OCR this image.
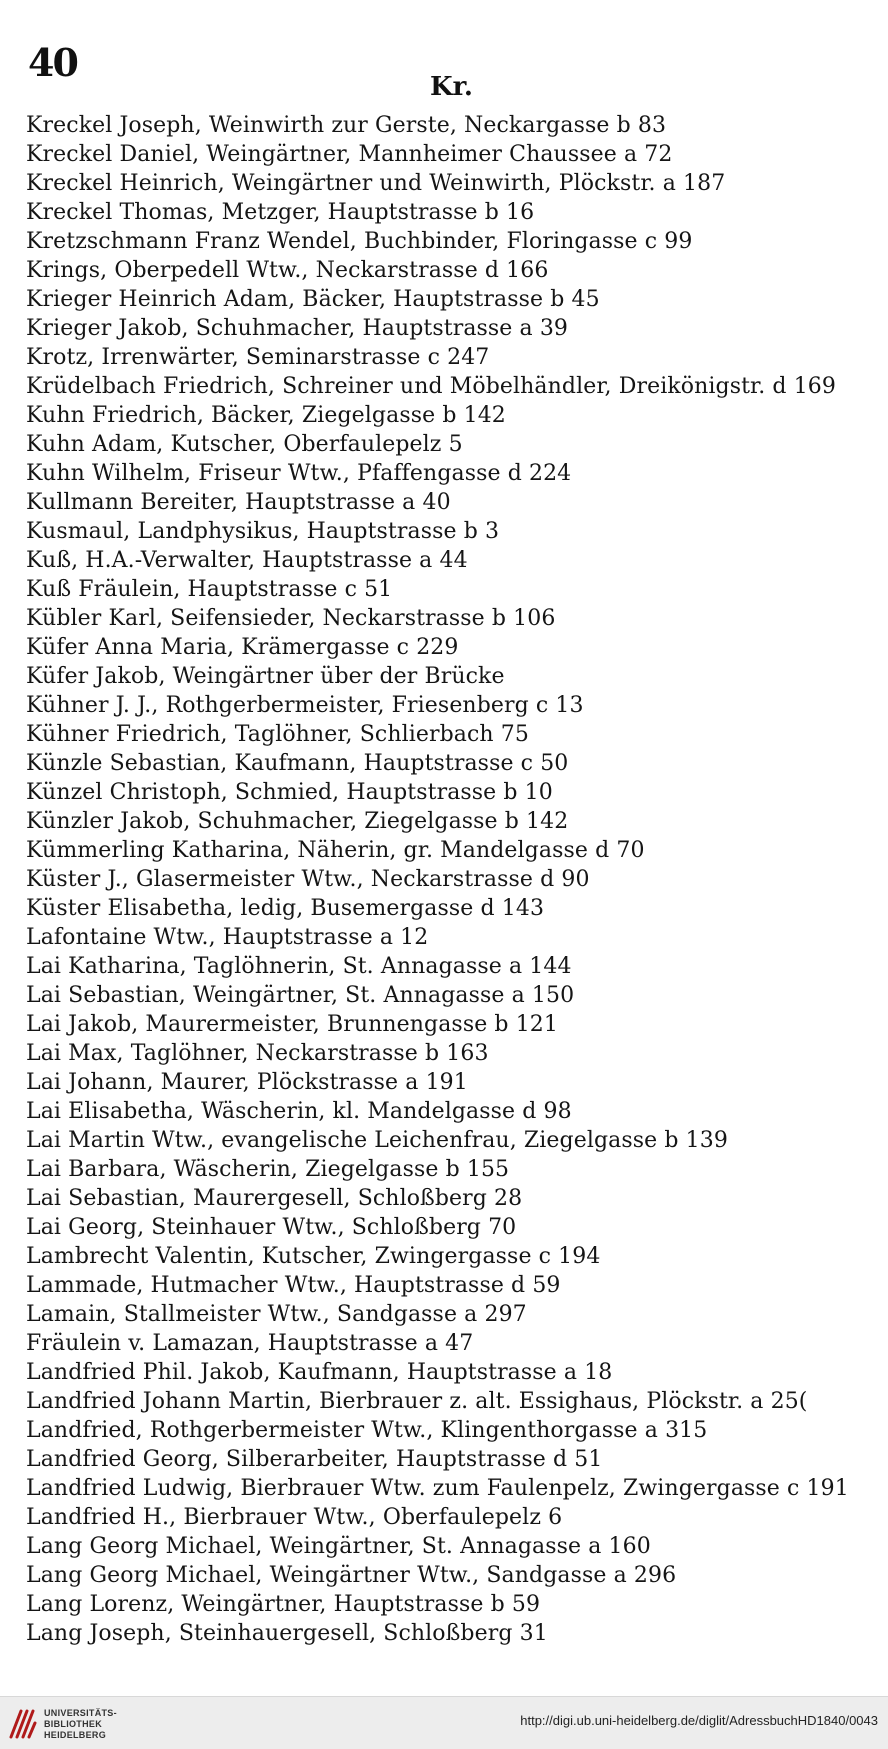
40
Kr.
Kreckel Joseph, Weinwirth zur Gerste, Neckargasse b 83
Kreckel Daniel, Weingärtner, Mannheimer Chaussee a 72
Kreckel Heinrich, Weingärtner und Weinwirth, Plöckstr. a 187
Kreckel Thomas, Metzger, Hauptstrasse b 16
Kretzschmann Franz Wendel, Buchbinder, Floringasse c 99
Krings, Oberpedell Wtw., Neckarstrasse d 166
Krieger Heinrich Adam, Bäcker, Hauptstrasse b 45
Krieger Jakob, Schuhmacher, Hauptstrasse a 39
Krotz, Irrenwärter, Seminarstrasse c 247
Krüdelbach Friedrich, Schreiner und Möbelhändler, Dreikönigstr. d 169
Kuhn Friedrich, Bäcker, Ziegelgasse b 142
Kuhn Adam, Kutscher, Oberfaulepelz 5
Kuhn Wilhelm, Friseur Wtw., Pfaffengasse d 224
Kullmann Bereiter, Hauptstrasse a 40
Kusmaul, Landphysikus, Hauptstrasse b 3
Kuß, H.A.-Verwalter, Hauptstrasse a 44
Kuß Fräulein, Hauptstrasse c 51
Kübler Karl, Seifensieder, Neckarstrasse b 106
Küfer Anna Maria, Krämergasse c 229
Küfer Jakob, Weingärtner über der Brücke
Kühner J. J., Rothgerbermeister, Friesenberg c 13
Kühner Friedrich, Taglöhner, Schlierbach 75
Künzle Sebastian, Kaufmann, Hauptstrasse c 50
Künzel Christoph, Schmied, Hauptstrasse b 10
Künzler Jakob, Schuhmacher, Ziegelgasse b 142
Kümmerling Katharina, Näherin, gr. Mandelgasse d 70
Küster J., Glasermeister Wtw., Neckarstrasse d 90
Küster Elisabetha, ledig, Busemergasse d 143
Lafontaine Wtw., Hauptstrasse a 12
Lai Katharina, Taglöhnerin, St. Annagasse a 144
Lai Sebastian, Weingärtner, St. Annagasse a 150
Lai Jakob, Maurermeister, Brunnengasse b 121
Lai Max, Taglöhner, Neckarstrasse b 163
Lai Johann, Maurer, Plöckstrasse a 191
Lai Elisabetha, Wäscherin, kl. Mandelgasse d 98
Lai Martin Wtw., evangelische Leichenfrau, Ziegelgasse b 139
Lai Barbara, Wäscherin, Ziegelgasse b 155
Lai Sebastian, Maurergesell, Schloßberg 28
Lai Georg, Steinhauer Wtw., Schloßberg 70
Lambrecht Valentin, Kutscher, Zwingergasse c 194
Lammade, Hutmacher Wtw., Hauptstrasse d 59
Lamain, Stallmeister Wtw., Sandgasse a 297
Fräulein v. Lamazan, Hauptstrasse a 47
Landfried Phil. Jakob, Kaufmann, Hauptstrasse a 18
Landfried Johann Martin, Bierbrauer z. alt. Essighaus, Plöckstr. a 25(
Landfried, Rothgerbermeister Wtw., Klingenthorgasse a 315
Landfried Georg, Silberarbeiter, Hauptstrasse d 51
Landfried Ludwig, Bierbrauer Wtw. zum Faulenpelz, Zwingergasse c 191
Landfried H., Bierbrauer Wtw., Oberfaulepelz 6
Lang Georg Michael, Weingärtner, St. Annagasse a 160
Lang Georg Michael, Weingärtner Wtw., Sandgasse a 296
Lang Lorenz, Weingärtner, Hauptstrasse b 59
Lang Joseph, Steinhauergesell, Schloßberg 31
UNIVERSITÄTS-
BIBLIOTHEK
HEIDELBERG
http://digi.ub.uni-heidelberg.de/diglit/AdressbuchHD1840/0043
